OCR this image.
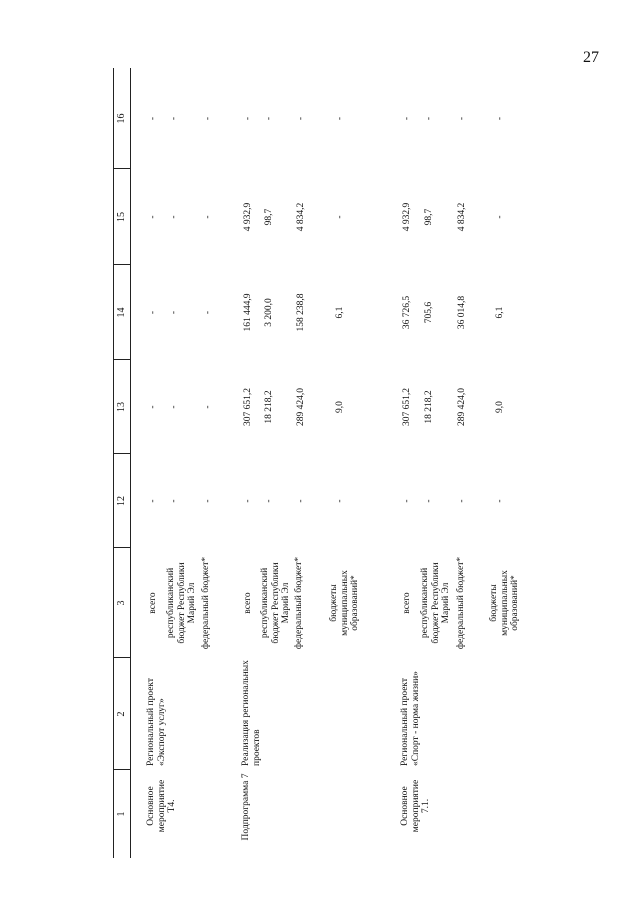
27
1
2
3
12
13
14
15
16
Основное мероприятие Т4.
Региональный проект «Экспорт услуг»
всего
-
-
-
-
-
республиканский бюджет Республики Марий Эл
-
-
-
-
-
федеральный бюджет*
-
-
-
-
-
Подпрограмма 7
Реализация региональных проектов
всего
-
307 651,2
161 444,9
4 932,9
-
республиканский бюджет Республики Марий Эл
-
18 218,2
3 200,0
98,7
-
федеральный бюджет*
-
289 424,0
158 238,8
4 834,2
-
бюджеты муниципальных образований*
-
9,0
6,1
-
-
Основное мероприятие 7.1.
Региональный проект «Спорт - норма жизни»
всего
-
307 651,2
36 726,5
4 932,9
-
республиканский бюджет Республики Марий Эл
-
18 218,2
705,6
98,7
-
федеральный бюджет*
-
289 424,0
36 014,8
4 834,2
-
бюджеты муниципальных образований*
-
9,0
6,1
-
-
